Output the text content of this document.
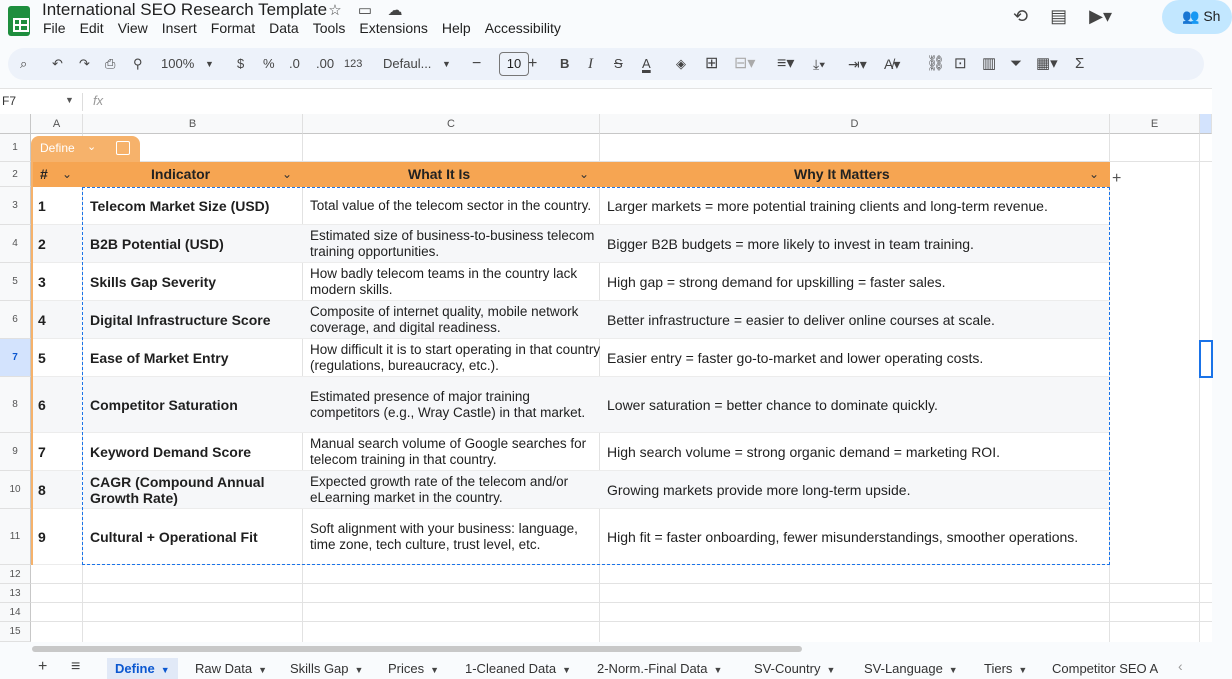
International SEO Research Template ☆ ▭ ☁
File Edit View Insert Format Data Tools Extensions Help Accessibility
⟲ ▤ ▶▾	👥 Sh
⌕ ↶ ↷ ⎙ ⚲ 100% ▼ $ % .0 .00 123 Defaul... ▼ −	10 + B I S A ◈ ⊞ ⊟▾ ≡▾ ⤓▾ ⇥▾ A̸▾ ⛓ ⊡ ▥ ⏷ ▦▾ Σ
F7	▼ fx
A	B	C	D	E
1
2
3
4
5
6
7
8
9
10
11
12
13
14
15
Define ⌄
# ⌄	Indicator	⌄	What It Is	⌄	Why It Matters	⌄ +
1	Telecom Market Size (USD)	Total value of the telecom sector in the country.	Larger markets = more potential training clients and long-term revenue.
2	B2B Potential (USD)
Estimated size of business-to-business telecom training opportunities.	Bigger B2B budgets = more likely to invest in team training.
3	Skills Gap Severity
How badly telecom teams in the country lack modern skills.	High gap = strong demand for upskilling = faster sales.
4	Digital Infrastructure Score
Composite of internet quality, mobile network coverage, and digital readiness.	Better infrastructure = easier to deliver online courses at scale.
5	Ease of Market Entry
How difficult it is to start operating in that country (regulations, bureaucracy, etc.).	Easier entry = faster go-to-market and lower operating costs.
6	Competitor Saturation
Estimated presence of major training competitors (e.g., Wray Castle) in that market.	Lower saturation = better chance to dominate quickly.
7	Keyword Demand Score
Manual search volume of Google searches for telecom training in that country.	High search volume = strong organic demand = marketing ROI.
8	CAGR (Compound Annual Growth Rate)
Expected growth rate of the telecom and/or eLearning market in the country.	Growing markets provide more long-term upside.
9	Cultural + Operational Fit
Soft alignment with your business: language, time zone, tech culture, trust level, etc.	High fit = faster onboarding, fewer misunderstandings, smoother operations.
+ ≡	Define ▼	Raw Data ▼	Skills Gap ▼	Prices ▼	1-Cleaned Data ▼	2-Norm.-Final Data ▼	SV-Country ▼	SV-Language ▼	Tiers ▼	Competitor SEO A	‹
